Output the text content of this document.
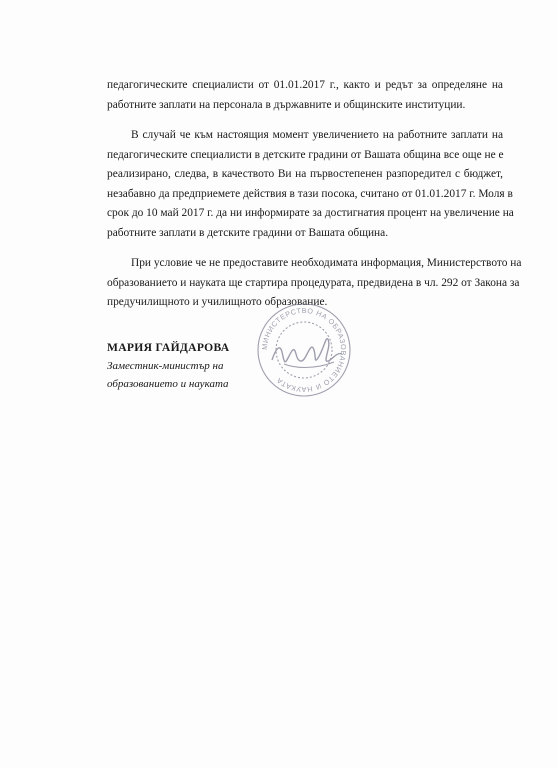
педагогическите специалисти от 01.01.2017 г., както и редът за определяне на
работните заплати на персонала в държавните и общинските институции.

В случай че към настоящия момент увеличението на работните заплати на
педагогическите специалисти в детските градини от Вашата община все още не е
реализирано, следва, в качеството Ви на първостепенен разпоредител с бюджет,
незабавно да предприемете действия в тази посока, считано от 01.01.2017 г. Моля в
срок до 10 май 2017 г. да ни информирате за достигнатия процент на увеличение на
работните заплати в детските градини от Вашата община.

При условие че не предоставите необходимата информация, Министерството на
образованието и науката ще стартира процедурата, предвидена в чл. 292 от Закона за
предучилищното и училищното образование.

МАРИЯ ГАЙДАРОВА
Заместник-министър на
образованието и науката
МИНИСТЕРСТВО НА ОБРАЗОВАНИЕТО И НАУКАТА
